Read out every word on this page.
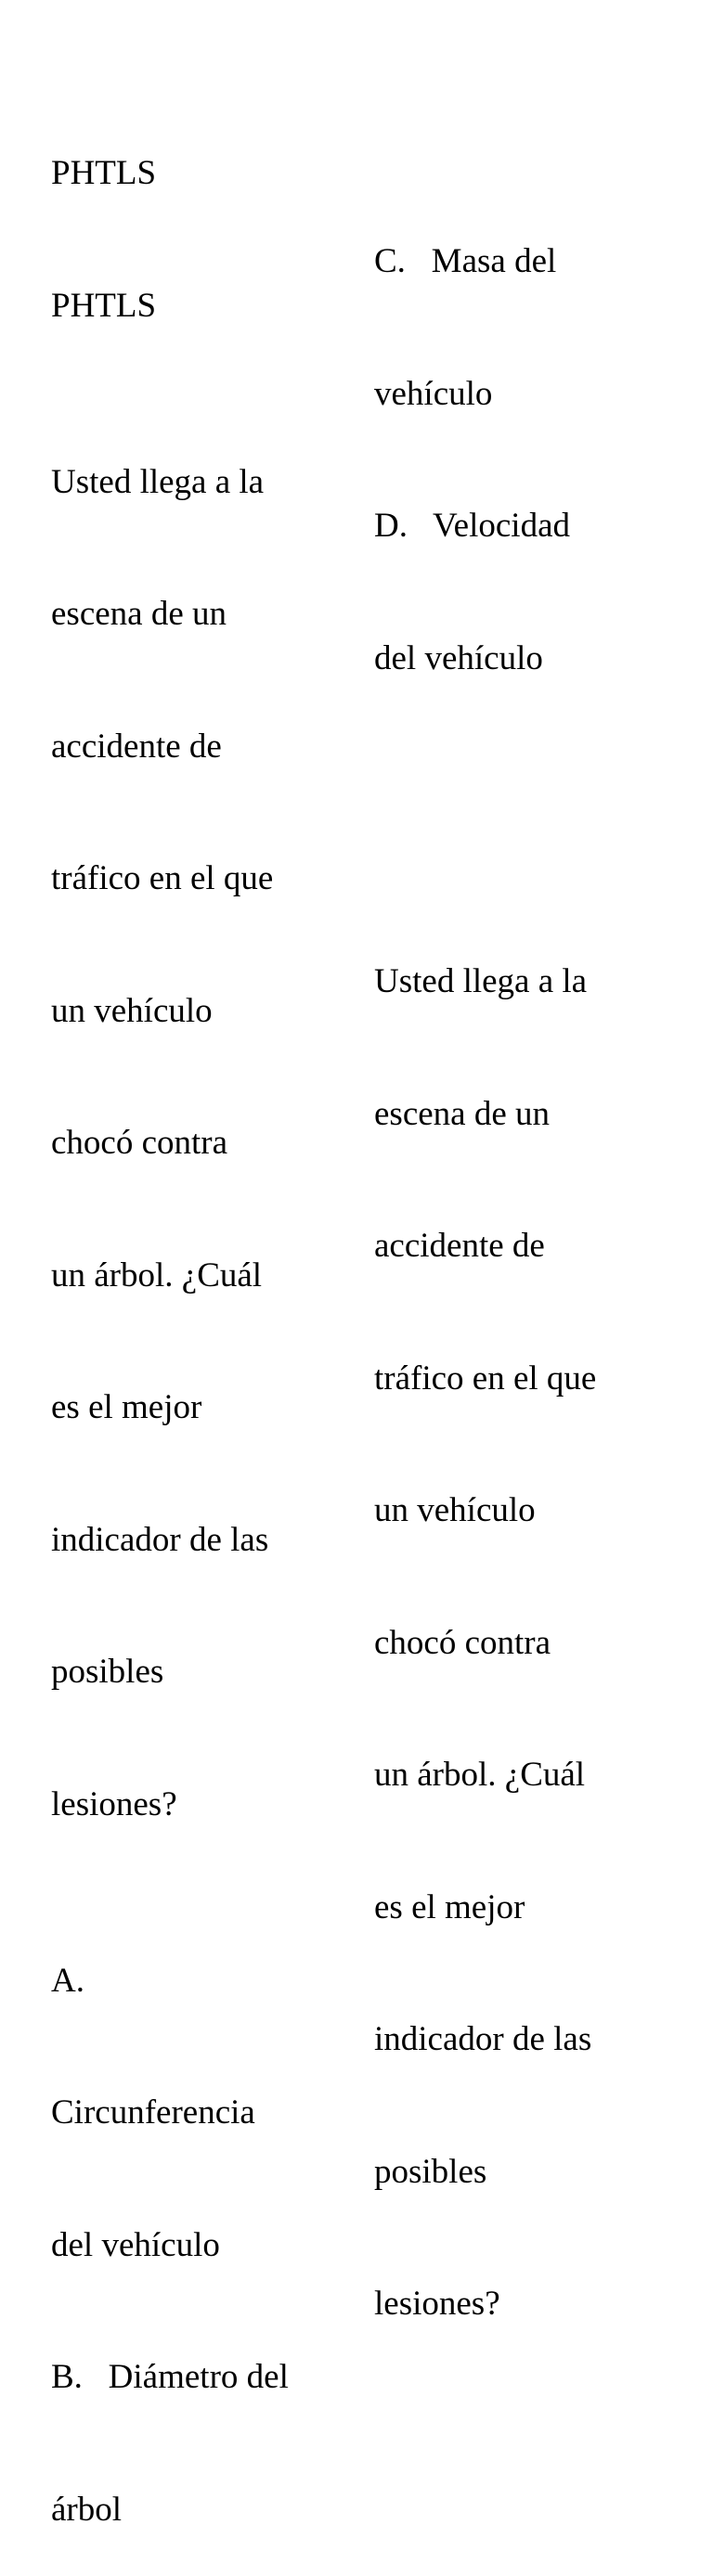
PHTLS

PHTLS

Usted llega a la

escena de un

accidente de

tráfico en el que

un vehículo

chocó contra

un árbol. ¿Cuál

es el mejor

indicador de las

posibles

lesiones?

A.

Circunferencia

del vehículo

B.   Diámetro del

árbol

C.   Masa del

vehículo

D.   Velocidad

del vehículo

Usted llega a la

escena de un

accidente de

tráfico en el que

un vehículo

chocó contra

un árbol. ¿Cuál

es el mejor

indicador de las

posibles

lesiones?
